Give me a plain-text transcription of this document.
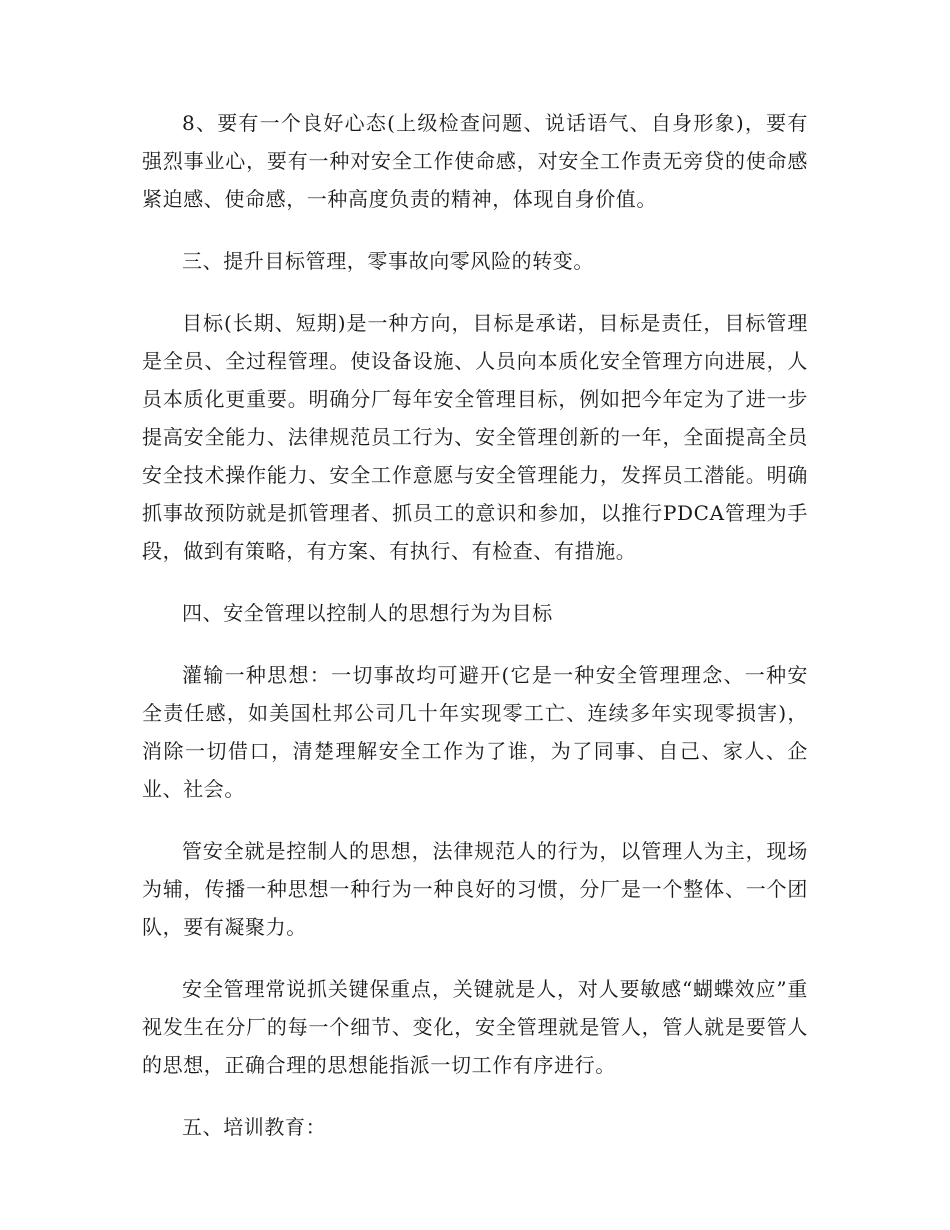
8、要有一个良好心态(上级检查问题、说话语气、自身形象)，要有强烈事业心，要有一种对安全工作使命感，对安全工作责无旁贷的使命感紧迫感、使命感，一种高度负责的精神，体现自身价值。

三、提升目标管理，零事故向零风险的转变。

目标(长期、短期)是一种方向，目标是承诺，目标是责任，目标管理是全员、全过程管理。使设备设施、人员向本质化安全管理方向进展，人员本质化更重要。明确分厂每年安全管理目标，例如把今年定为了进一步提高安全能力、法律规范员工行为、安全管理创新的一年，全面提高全员安全技术操作能力、安全工作意愿与安全管理能力，发挥员工潜能。明确抓事故预防就是抓管理者、抓员工的意识和参加，以推行PDCA管理为手段，做到有策略，有方案、有执行、有检查、有措施。

四、安全管理以控制人的思想行为为目标

灌输一种思想：一切事故均可避开(它是一种安全管理理念、一种安全责任感，如美国杜邦公司几十年实现零工亡、连续多年实现零损害)，消除一切借口，清楚理解安全工作为了谁，为了同事、自己、家人、企业、社会。

管安全就是控制人的思想，法律规范人的行为，以管理人为主，现场为辅，传播一种思想一种行为一种良好的习惯，分厂是一个整体、一个团队，要有凝聚力。

安全管理常说抓关键保重点，关键就是人，对人要敏感“蝴蝶效应”重视发生在分厂的每一个细节、变化，安全管理就是管人，管人就是要管人的思想，正确合理的思想能指派一切工作有序进行。

五、培训教育：
